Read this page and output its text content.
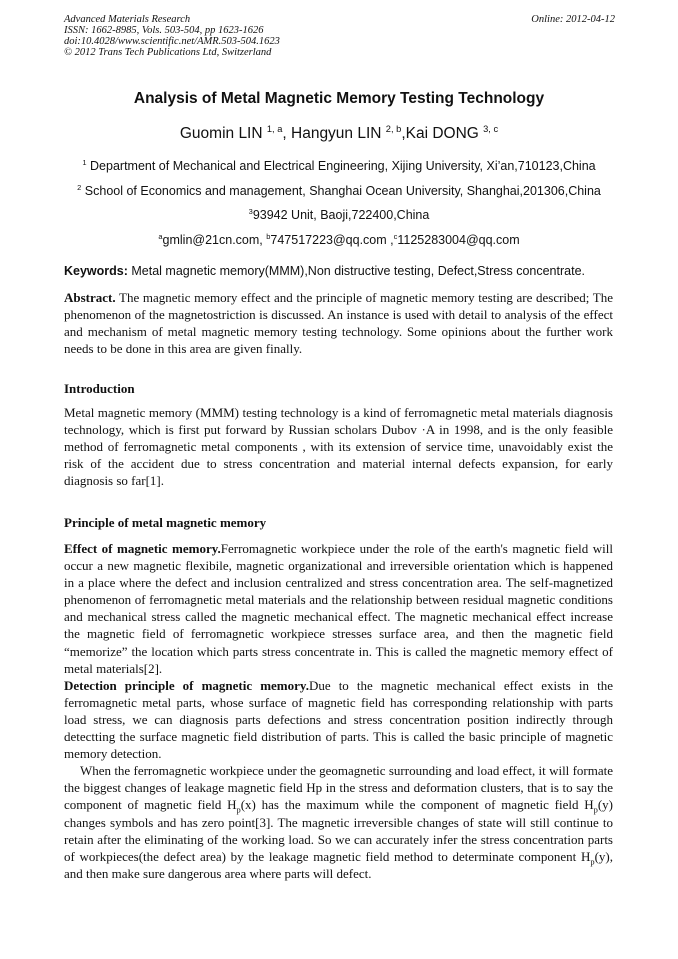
Advanced Materials Research
ISSN: 1662-8985, Vols. 503-504, pp 1623-1626
doi:10.4028/www.scientific.net/AMR.503-504.1623
© 2012 Trans Tech Publications Ltd, Switzerland
Online: 2012-04-12
Analysis of Metal Magnetic Memory Testing Technology
Guomin LIN $^{1, a}$, Hangyun LIN $^{2, b}$,Kai DONG $^{3, c}$
$^1$ Department of Mechanical and Electrical Engineering, Xijing University, Xi’an,710123,China
$^2$ School of Economics and management, Shanghai Ocean University, Shanghai,201306,China
$^3$93942 Unit, Baoji,722400,China
$^a$gmlin@21cn.com, $^b$747517223@qq.com ,$^c$1125283004@qq.com
Keywords: Metal magnetic memory(MMM),Non distructive testing, Defect,Stress concentrate.

Abstract. The magnetic memory effect and the principle of magnetic memory testing are described; The phenomenon of the magnetostriction is discussed. An instance is used with detail to analysis of the effect and mechanism of metal magnetic memory testing technology. Some opinions about the further work needs to be done in this area are given finally.

Introduction

Metal magnetic memory (MMM) testing technology is a kind of ferromagnetic metal materials diagnosis technology, which is first put forward by Russian scholars Dubov ·A in 1998, and is the only feasible method of ferromagnetic metal components , with its extension of service time, unavoidably exist the risk of the accident due to stress concentration and material internal defects expansion, for early diagnosis so far[1].

Principle of metal magnetic memory

Effect of magnetic memory.Ferromagnetic workpiece under the role of the earth's magnetic field will occur a new magnetic flexibile, magnetic organizational and irreversible orientation which is happened in a place where the defect and inclusion centralized and stress concentration area. The self-magnetized phenomenon of ferromagnetic metal materials and the relationship between residual magnetic conditions and mechanical stress called the magnetic mechanical effect. The magnetic mechanical effect increase the magnetic field of ferromagnetic workpiece stresses surface area, and then the magnetic field “memorize” the location which parts stress concentrate in. This is called the magnetic memory effect of metal materials[2].

Detection principle of magnetic memory.Due to the magnetic mechanical effect exists in the ferromagnetic metal parts, whose surface of magnetic field has corresponding relationship with parts load stress, we can diagnosis parts defections and stress concentration position indirectly through detectting the surface magnetic field distribution of parts. This is called the basic principle of magnetic memory detection.

When the ferromagnetic workpiece under the geomagnetic surrounding and load effect, it will formate the biggest changes of leakage magnetic field Hp in the stress and deformation clusters, that is to say the component of magnetic field $H_p(x)$ has the maximum while the component of magnetic field $H_p(y)$ changes symbols and has zero point[3]. The magnetic irreversible changes of state will still continue to retain after the eliminating of the working load. So we can accurately infer the stress concentration parts of workpieces(the defect area) by the leakage magnetic field method to determinate component $H_p(y)$, and then make sure dangerous area where parts will defect.
